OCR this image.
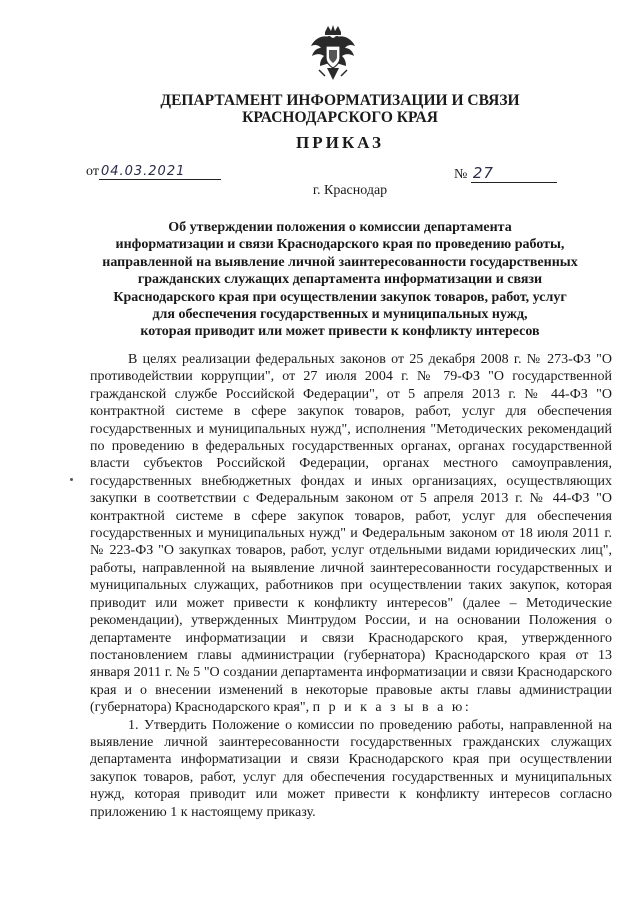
ДЕПАРТАМЕНТ ИНФОРМАТИЗАЦИИ И СВЯЗИ
КРАСНОДАРСКОГО КРАЯ
ПРИКАЗ
от 04.03.2021	№ 27
г. Краснодар
Об утверждении положения о комиссии департамента
информатизации и связи Краснодарского края по проведению работы,
направленной на выявление личной заинтересованности государственных
гражданских служащих департамента информатизации и связи
Краснодарского края при осуществлении закупок товаров, работ, услуг
для обеспечения государственных и муниципальных нужд,
которая приводит или может привести к конфликту интересов

В целях реализации федеральных законов от 25 декабря 2008 г. № 273-ФЗ "О противодействии коррупции", от 27 июля 2004 г. № 79-ФЗ "О государственной гражданской службе Российской Федерации", от 5 апреля 2013 г. № 44-ФЗ "О контрактной системе в сфере закупок товаров, работ, услуг для обеспечения государственных и муниципальных нужд", исполнения "Методических рекомендаций по проведению в федеральных государственных органах, органах государственной власти субъектов Российской Федерации, органах местного самоуправления, государственных внебюджетных фондах и иных организациях, осуществляющих закупки в соответствии с Федеральным законом от 5 апреля 2013 г. № 44-ФЗ "О контрактной системе в сфере закупок товаров, работ, услуг для обеспечения государственных и муниципальных нужд" и Федеральным законом от 18 июля 2011 г. № 223-ФЗ "О закупках товаров, работ, услуг отдельными видами юридических лиц", работы, направленной на выявление личной заинтересованности государственных и муниципальных служащих, работников при осуществлении таких закупок, которая приводит или может привести к конфликту интересов" (далее – Методические рекомендации), утвержденных Минтрудом России, и на основании Положения о департаменте информатизации и связи Краснодарского края, утвержденного постановлением главы администрации (губернатора) Краснодарского края от 13 января 2011 г. № 5 "О создании департамента информатизации и связи Краснодарского края и о внесении изменений в некоторые правовые акты главы администрации (губернатора) Краснодарского края", п р и к а з ы в а ю:

1. Утвердить Положение о комиссии по проведению работы, направленной на выявление личной заинтересованности государственных гражданских служащих департамента информатизации и связи Краснодарского края при осуществлении закупок товаров, работ, услуг для обеспечения государственных и муниципальных нужд, которая приводит или может привести к конфликту интересов согласно приложению 1 к настоящему приказу.
